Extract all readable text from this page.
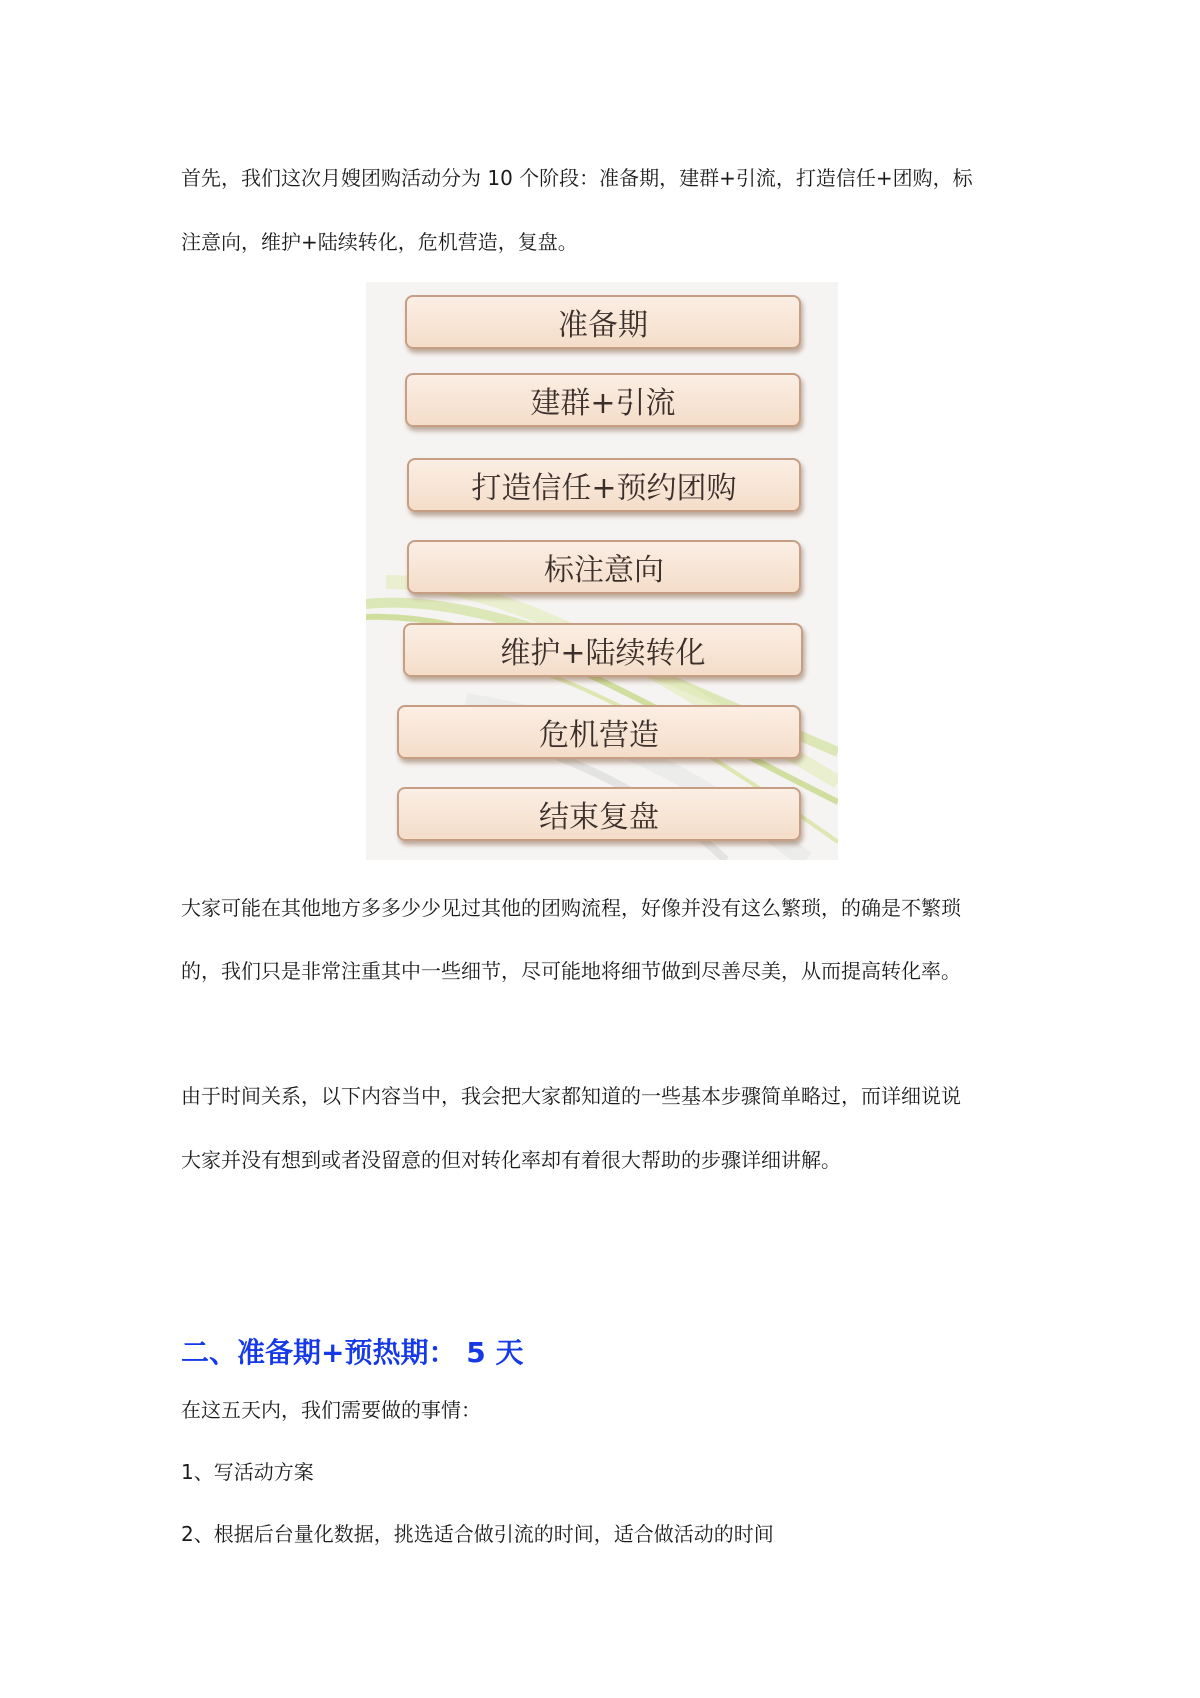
首先，我们这次月嫂团购活动分为 10 个阶段：准备期，建群+引流，打造信任+团购，标

注意向，维护+陆续转化，危机营造，复盘。

准备期
建群+引流
打造信任+预约团购
标注意向
维护+陆续转化
危机营造
结束复盘

大家可能在其他地方多多少少见过其他的团购流程，好像并没有这么繁琐，的确是不繁琐

的，我们只是非常注重其中一些细节，尽可能地将细节做到尽善尽美，从而提高转化率。

由于时间关系，以下内容当中，我会把大家都知道的一些基本步骤简单略过，而详细说说

大家并没有想到或者没留意的但对转化率却有着很大帮助的步骤详细讲解。

二、准备期+预热期： 5 天

在这五天内，我们需要做的事情：

1、写活动方案

2、根据后台量化数据，挑选适合做引流的时间，适合做活动的时间
